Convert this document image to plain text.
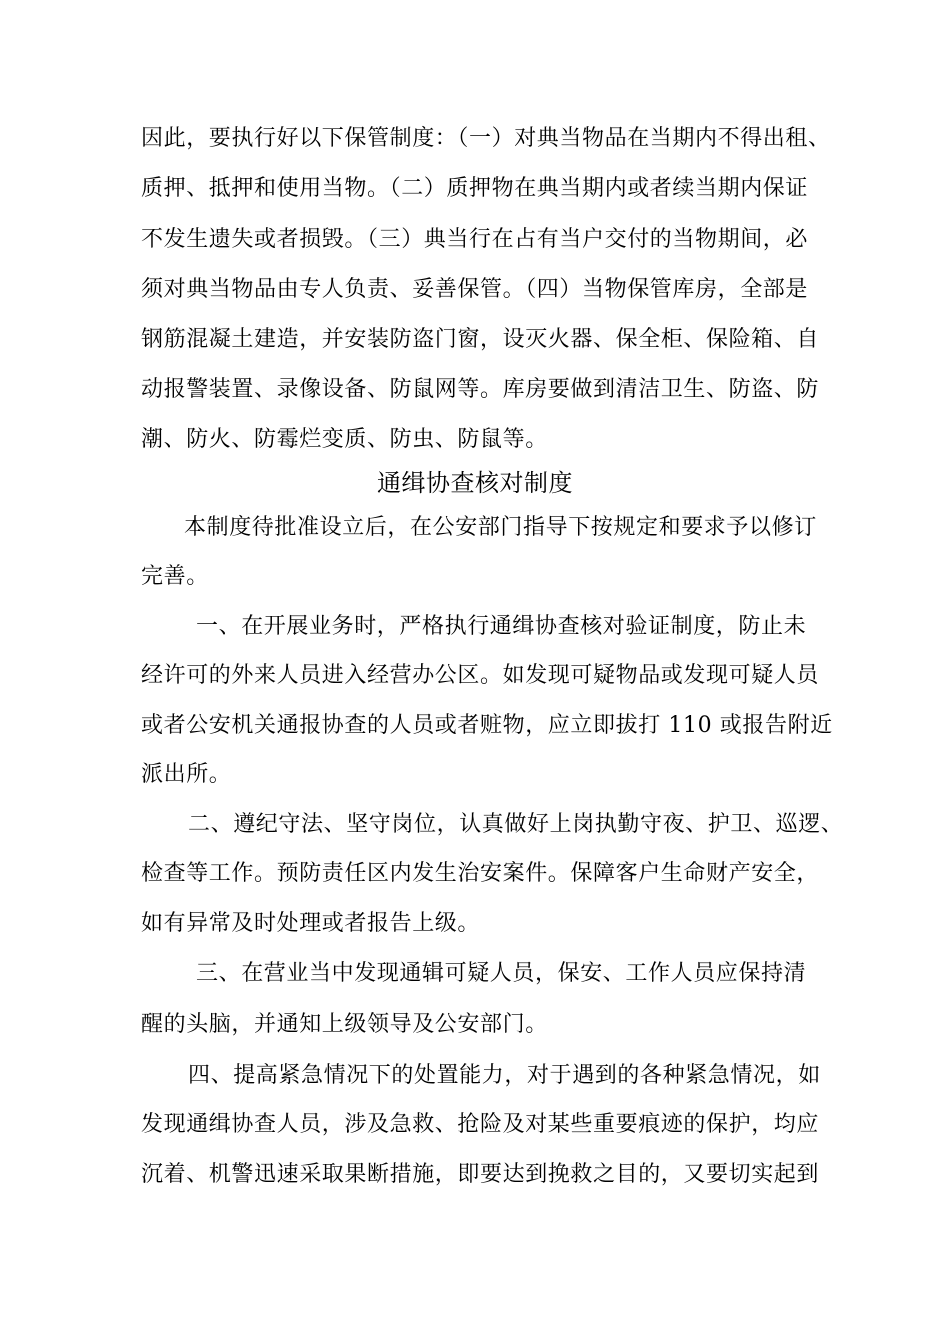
因此，要执行好以下保管制度：（一）对典当物品在当期内不得出租、
质押、抵押和使用当物。（二）质押物在典当期内或者续当期内保证
不发生遗失或者损毁。（三）典当行在占有当户交付的当物期间，必
须对典当物品由专人负责、妥善保管。（四）当物保管库房，全部是
钢筋混凝土建造，并安装防盗门窗，设灭火器、保全柜、保险箱、自
动报警装置、录像设备、防鼠网等。库房要做到清洁卫生、防盗、防
潮、防火、防霉烂变质、防虫、防鼠等。
通缉协查核对制度
本制度待批准设立后，在公安部门指导下按规定和要求予以修订
完善。
一、在开展业务时，严格执行通缉协查核对验证制度，防止未
经许可的外来人员进入经营办公区。如发现可疑物品或发现可疑人员
或者公安机关通报协查的人员或者赃物，应立即拔打 110 或报告附近
派出所。
二、遵纪守法、坚守岗位，认真做好上岗执勤守夜、护卫、巡逻、
检查等工作。预防责任区内发生治安案件。保障客户生命财产安全，
如有异常及时处理或者报告上级。
三、在营业当中发现通辑可疑人员，保安、工作人员应保持清
醒的头脑，并通知上级领导及公安部门。
四、提高紧急情况下的处置能力，对于遇到的各种紧急情况，如
发现通缉协查人员，涉及急救、抢险及对某些重要痕迹的保护，均应
沉着、机警迅速采取果断措施，即要达到挽救之目的，又要切实起到
